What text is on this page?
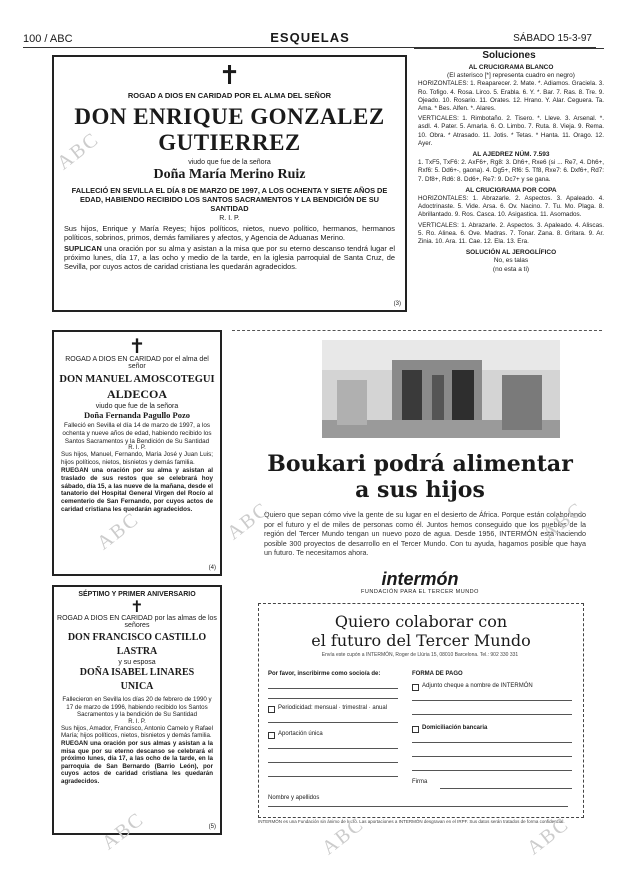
100 / ABC	ESQUELAS	SÁBADO 15-3-97
✝
ROGAD A DIOS EN CARIDAD POR EL ALMA DEL SEÑOR
DON ENRIQUE GONZALEZ
GUTIERREZ
viudo que fue de la señora
Doña María Merino Ruiz
FALLECIÓ EN SEVILLA EL DÍA 8 DE MARZO DE 1997, A LOS OCHENTA Y SIETE AÑOS DE EDAD, HABIENDO RECIBIDO LOS SANTOS SACRAMENTOS Y LA BENDICIÓN DE SU SANTIDAD
R. I. P.
Sus hijos, Enrique y María Reyes; hijos políticos, nietos, nuevo político, hermanos, hermanos políticos, sobrinos, primos, demás familiares y afectos, y Agencia de Aduanas Merino.
SUPLICAN una oración por su alma y asistan a la misa que por su eterno descanso tendrá lugar el próximo lunes, día 17, a las ocho y medio de la tarde, en la iglesia parroquial de Santa Cruz, de Sevilla, por cuyos actos de caridad cristiana les quedarán agradecidos.
(3)
Soluciones
AL CRUCIGRAMA BLANCO
(El asterisco [*] representa cuadro en negro)
HORIZONTALES: 1. Reaparecer. 2. Mate. *. Adiamos. Graciela. 3. Ro. Tofigo. 4. Rosa. Lirco. 5. Erabla. 6. Y. *. Bar. 7. Ras. 8. Tre. 9. Ojeado. 10. Rosario. 11. Orates. 12. Hrano. Y. Alar. Ceguera. Ta. Ama. * Bes. Alfen. *. Alares.
VERTICALES: 1. Rimbotaño. 2. Tisero. *. Lleve. 3. Arsenal. *. asdI. 4. Pater. 5. Amarla. 6. O. Limbo. 7. Ruta. 8. Vieja. 9. Rema. 10. Obra. * Atrasado. 11. Jotis. * Tetas. * Hanta. 11. Orago. 12. Ayer.
AL AJEDREZ NÚM. 7.593
1. TxF5, TxF6: 2. AxF6+, Rg8: 3. Dh6+, Rxe6 (si ... Re7, 4. Dh6+, Rxf6: 5. Dd6+-, gaona). 4. Dg5+, Rf6: 5. Tf8, Rxe7: 6. Dxf6+, Rd7: 7. Df8+, Rd6: 8. Dd6+, Re7: 9. Dc7+ y se gana.
AL CRUCIGRAMA POR COPA
HORIZONTALES: 1. Abrazarle. 2. Aspectos. 3. Apaleado. 4. Adoctrinaste. 5. Vide. Arsa. 6. Ov. Nacino. 7. Tu. Mo. Plaga. 8. Abrillantado. 9. Ros. Casca. 10. Asigastica. 11. Asomados.
VERTICALES: 1. Abrazarle. 2. Aspectos. 3. Apaleado. 4. Aliscas. 5. Ro. Alinea. 6. Ove. Madras. 7. Tonar. Zana. 8. Gritara. 9. Ar. Zinia. 10. Ara. 11. Cae. 12. Ela. 13. Era.
SOLUCIÓN AL JEROGLÍFICO
No, es talas
(no esta a ti)
✝
ROGAD A DIOS EN CARIDAD por el alma del señor
DON MANUEL AMOSCOTEGUI
ALDECOA
viudo que fue de la señora
Doña Fernanda Pagullo Pozo
Falleció en Sevilla el día 14 de marzo de 1997, a los ochenta y nueve años de edad, habiendo recibido los Santos Sacramentos y la Bendición de Su Santidad
R. I. P.
Sus hijos, Manuel, Fernando, María José y Juan Luis; hijos políticos, nietos, bisnietos y demás familia.
RUEGAN una oración por su alma y asistan al traslado de sus restos que se celebrará hoy sábado, día 15, a las nueve de la mañana, desde el tanatorio del Hospital General Virgen del Rocío al cementerio de San Fernando, por cuyos actos de caridad cristiana les quedarán agradecidos.
(4)
SÉPTIMO Y PRIMER ANIVERSARIO
✝
ROGAD A DIOS EN CARIDAD por las almas de los señores
DON FRANCISCO CASTILLO
LASTRA
y su esposa
DOÑA ISABEL LINARES
UNICA
Fallecieron en Sevilla los días 20 de febrero de 1990 y 17 de marzo de 1996, habiendo recibido los Santos Sacramentos y la bendición de Su Santidad
R. I. P.
Sus hijos, Amador, Francisco, Antonio Camelo y Rafael María; hijos políticos, nietos, bisnietos y demás familia.
RUEGAN una oración por sus almas y asistan a la misa que por su eterno descanso se celebrará el próximo lunes, día 17, a las ocho de la tarde, en la parroquia de San Bernardo (Barrio León), por cuyos actos de caridad cristiana les quedarán agradecidos.
(5)
Boukari podrá alimentar
a sus hijos
Quiero que sepan cómo vive la gente de su lugar en el desierto de África. Porque están colaborando por el futuro y el de miles de personas como él. Juntos hemos conseguido que los pueblos de la región del Tercer Mundo tengan un nuevo pozo de agua. Desde 1956, INTERMÓN está haciendo posible 300 proyectos de desarrollo en el Tercer Mundo. Con tu ayuda, hagamos posible que haya un futuro. Te necesitamos ahora.
intermón
FUNDACIÓN PARA EL TERCER MUNDO
Quiero colaborar con
el futuro del Tercer Mundo
Envía este cupón a INTERMÓN, Roger de Llúria 15, 08010 Barcelona. Tel.: 902 330 331
Por favor, inscribirme como socio/a de:
Periodicidad: mensual · trimestral · anual
Aportación única
Nombre y apellidos
FORMA DE PAGO
Adjunto cheque a nombre de INTERMÓN
Domiciliación bancaria
Firma
INTERMÓN es una Fundación sin ánimo de lucro. Las aportaciones a INTERMÓN desgravan en el IRPF. Sus datos serán tratados de forma confidencial.
ABC
ABC
ABC	ABC
ABC	ABC	ABC
